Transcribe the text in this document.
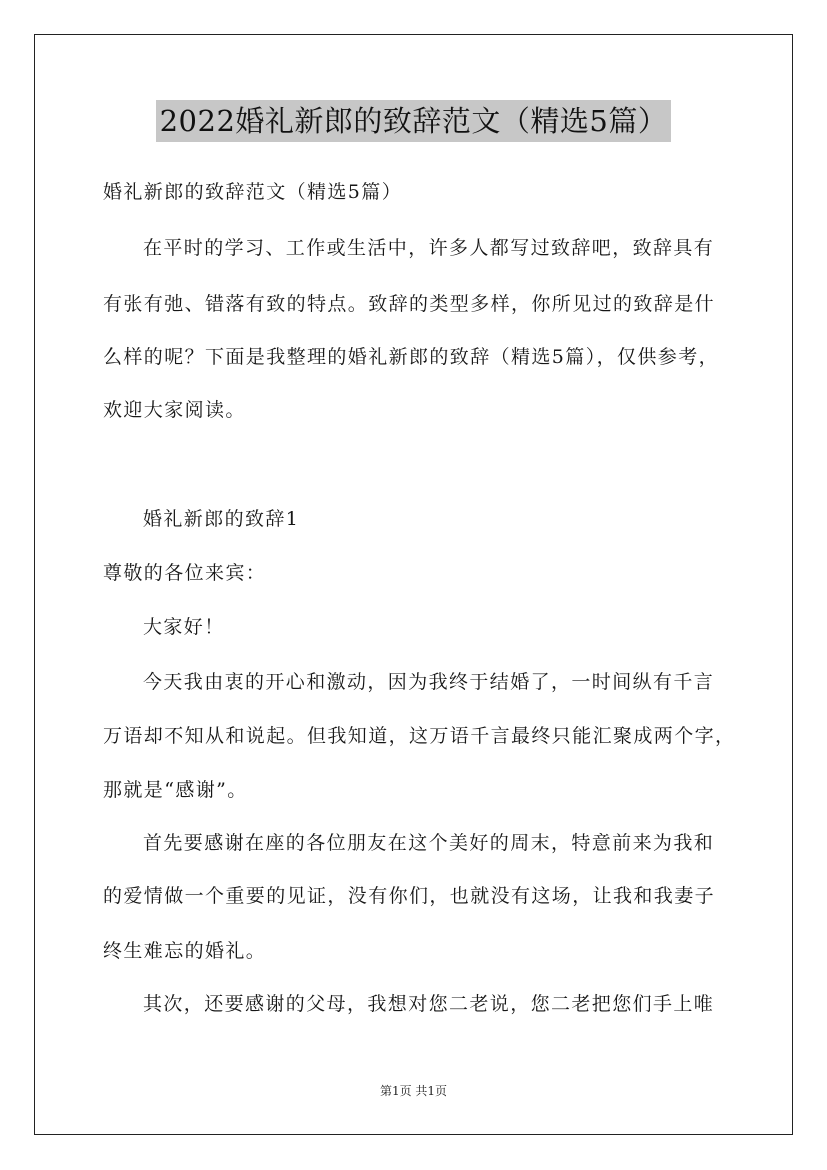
2022婚礼新郎的致辞范文（精选5篇）
婚礼新郎的致辞范文（精选5篇）
在平时的学习、工作或生活中，许多人都写过致辞吧，致辞具有
有张有弛、错落有致的特点。致辞的类型多样，你所见过的致辞是什
么样的呢？下面是我整理的婚礼新郎的致辞（精选5篇），仅供参考，
欢迎大家阅读。
婚礼新郎的致辞1
尊敬的各位来宾：
大家好！
今天我由衷的开心和激动，因为我终于结婚了，一时间纵有千言
万语却不知从和说起。但我知道，这万语千言最终只能汇聚成两个字，
那就是“感谢”。
首先要感谢在座的各位朋友在这个美好的周末，特意前来为我和
的爱情做一个重要的见证，没有你们，也就没有这场，让我和我妻子
终生难忘的婚礼。
其次，还要感谢的父母，我想对您二老说，您二老把您们手上唯
第1页 共1页
